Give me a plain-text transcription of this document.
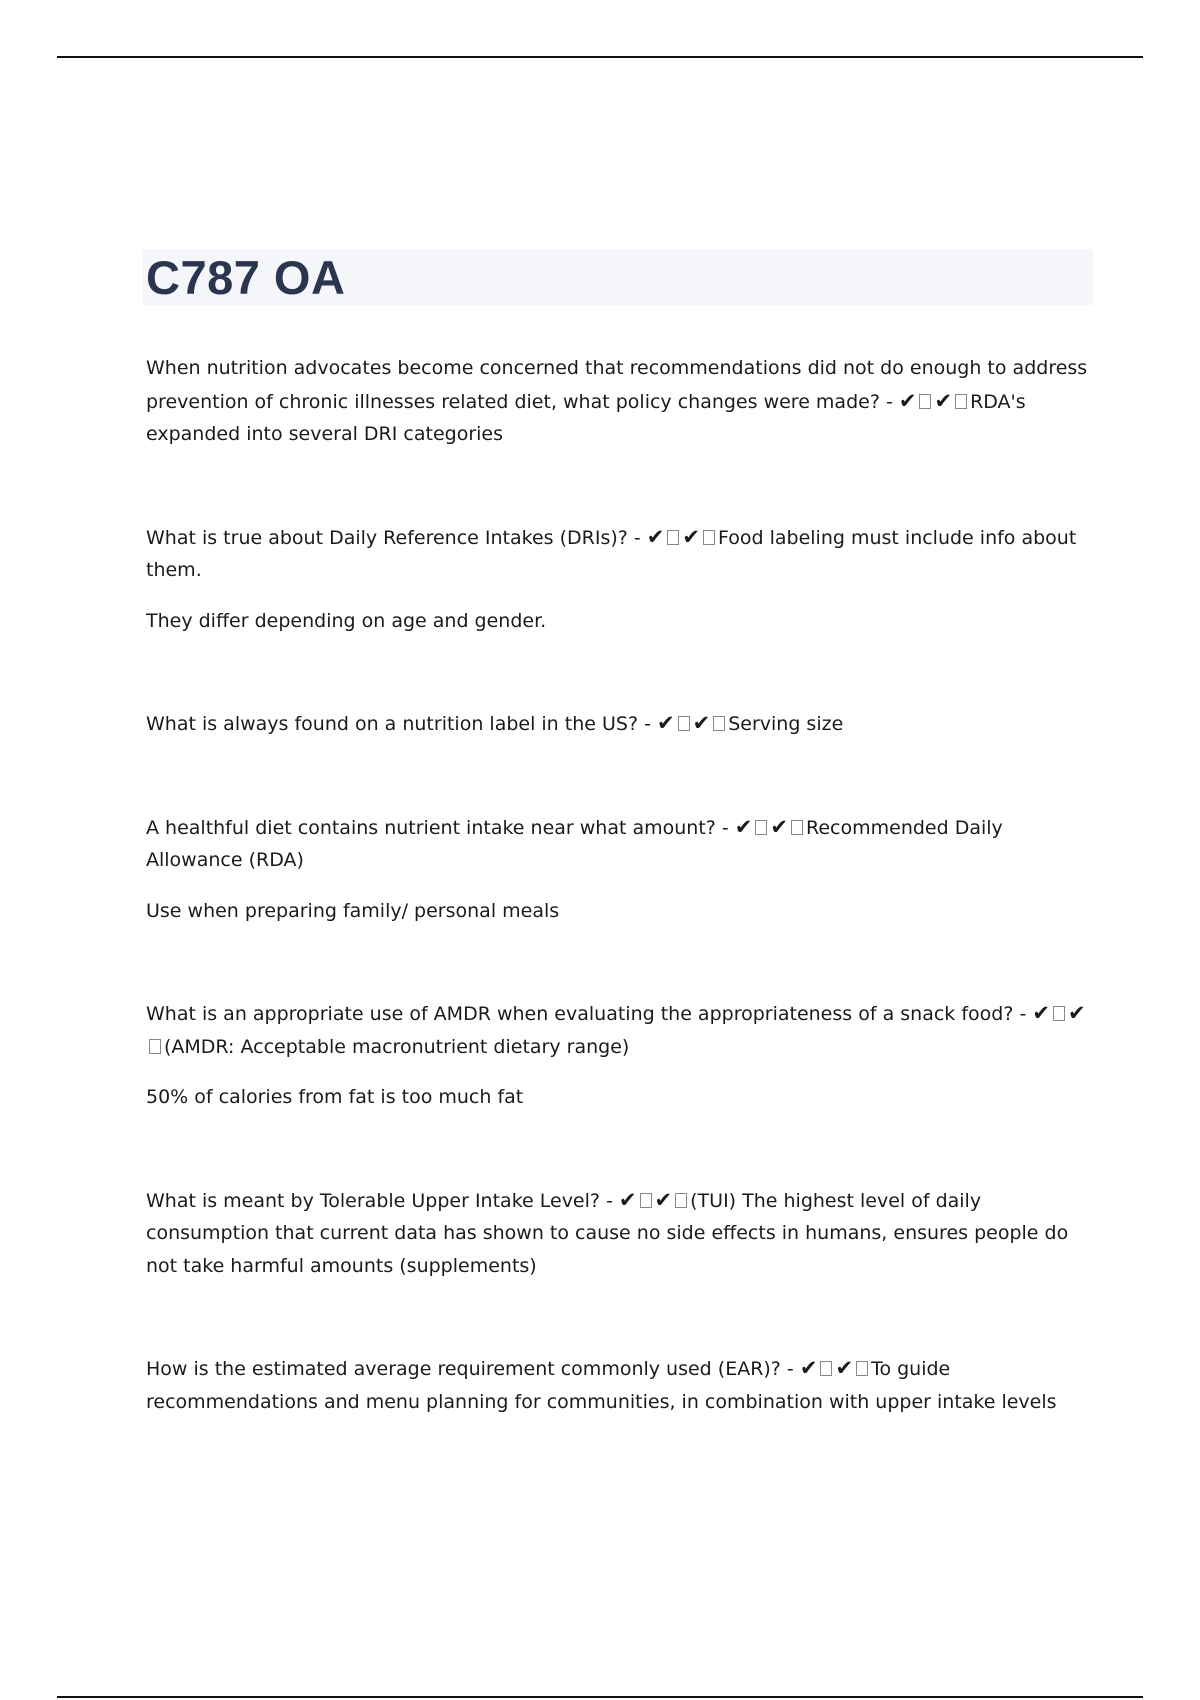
C787 OA

When nutrition advocates become concerned that recommendations did not do enough to address prevention of chronic illnesses related diet, what policy changes were made? - ✔ ✔ RDA's expanded into several DRI categories

What is true about Daily Reference Intakes (DRIs)? - ✔ ✔ Food labeling must include info about them.

They differ depending on age and gender.

What is always found on a nutrition label in the US? - ✔ ✔ Serving size

A healthful diet contains nutrient intake near what amount? - ✔ ✔ Recommended Daily Allowance (RDA)

Use when preparing family/ personal meals

What is an appropriate use of AMDR when evaluating the appropriateness of a snack food? - ✔ ✔(AMDR: Acceptable macronutrient dietary range)

50% of calories from fat is too much fat

What is meant by Tolerable Upper Intake Level? - ✔ ✔ (TUI) The highest level of daily consumption that current data has shown to cause no side effects in humans, ensures people do not take harmful amounts (supplements)

How is the estimated average requirement commonly used (EAR)? - ✔ ✔ To guide recommendations and menu planning for communities, in combination with upper intake levels
